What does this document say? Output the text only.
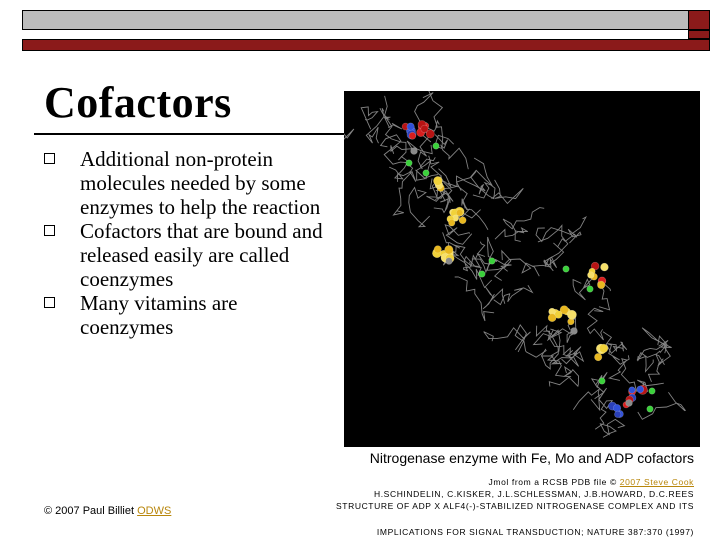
Cofactors
Additional non-protein molecules needed by some enzymes to help the reaction
Cofactors that are bound and released easily are called coenzymes
Many vitamins are coenzymes
Nitrogenase enzyme with Fe, Mo and ADP cofactors
© 2007 Paul Billiet ODWS
Jmol from a RCSB PDB file © 2007 Steve Cook
H.SCHINDELIN, C.KISKER, J.L.SCHLESSMAN, J.B.HOWARD, D.C.REES
STRUCTURE OF ADP X ALF4(-)-STABILIZED NITROGENASE COMPLEX AND ITS
IMPLICATIONS FOR SIGNAL TRANSDUCTION; NATURE 387:370 (1997)
